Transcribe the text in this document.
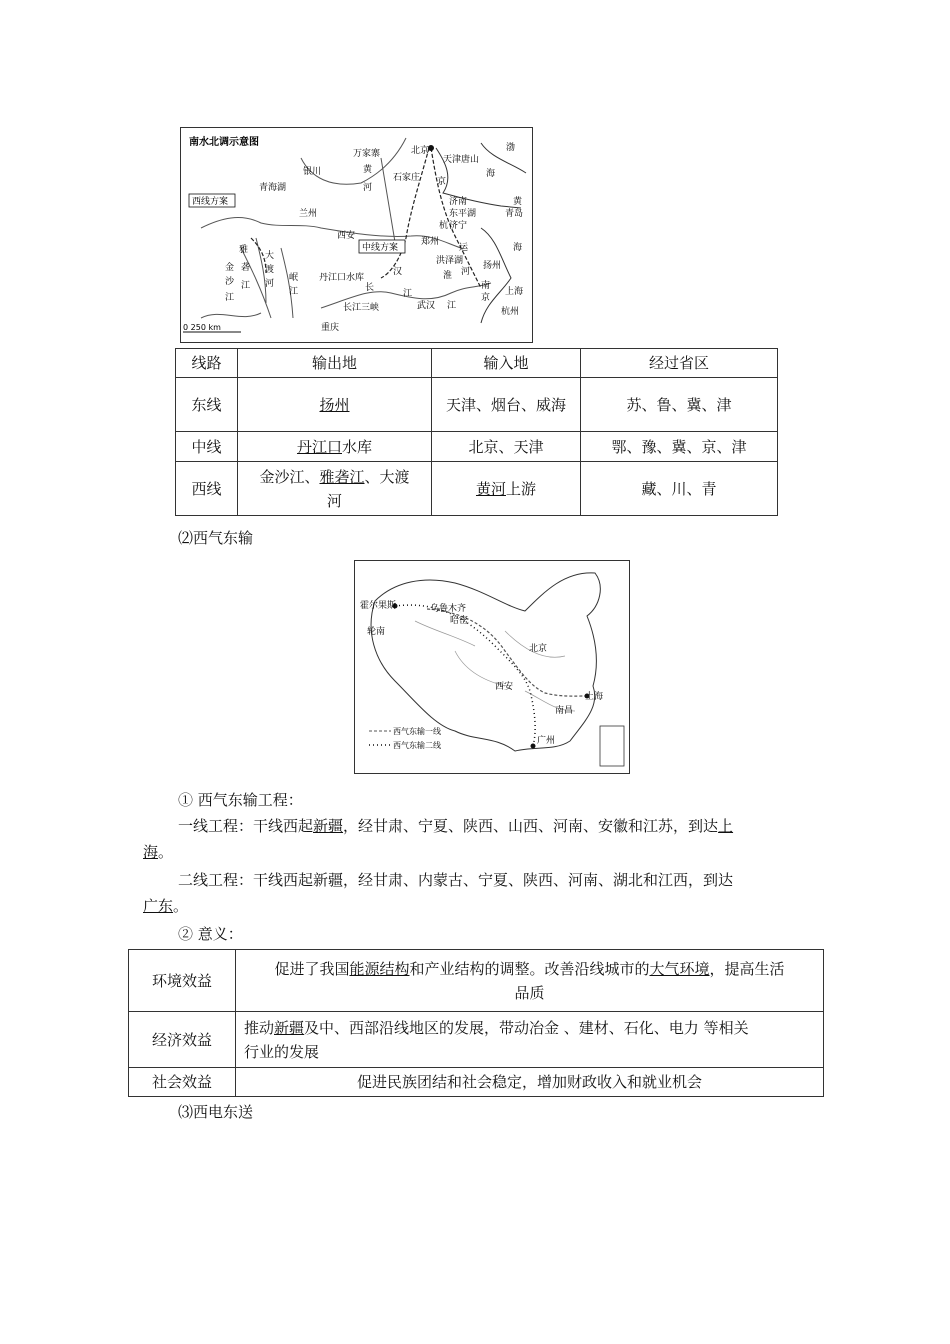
南水北调示意图
北京
天津 唐山
渤
海
万家寨
黄
河
银川
石家庄 京
青海湖
兰州
济南
东平湖
济宁
杭
黄
青岛
海
西安
郑州
运
洪泽湖
丹江口水库
汉
长
淮 河
扬州
南
京
上海
江
武汉
长江三峡
重庆
江
杭州
雅
砻
江
金
沙
江
大
渡
河
岷
江
西线方案
中线方案
0 250 km
线路	输出地	输入地	经过省区
东线	扬州	天津、烟台、威海	苏、鲁、冀、津
中线	丹江口水库	北京、天津	鄂、豫、冀、京、津
西线	金沙江、雅砻江、大渡河	黄河上游	藏、川、青
⑵西气东输
霍尔果斯	乌鲁木齐
哈密
轮南
北京
西安
上海
南昌
广州
西气东输一线
西气东输二线
① 西气东输工程：
一线工程：干线西起新疆，经甘肃、宁夏、陕西、山西、河南、安徽和江苏，到达上
海。
二线工程：干线西起新疆，经甘肃、内蒙古、宁夏、陕西、河南、湖北和江西，到达
广东。
② 意义：
环境效益	促进了我国能源结构和产业结构的调整。改善沿线城市的大气环境，提高生活
品质
经济效益	推动新疆及中、西部沿线地区的发展，带动冶金 、建材、石化、电力 等相关
行业的发展
社会效益	促进民族团结和社会稳定，增加财政收入和就业机会
⑶西电东送
